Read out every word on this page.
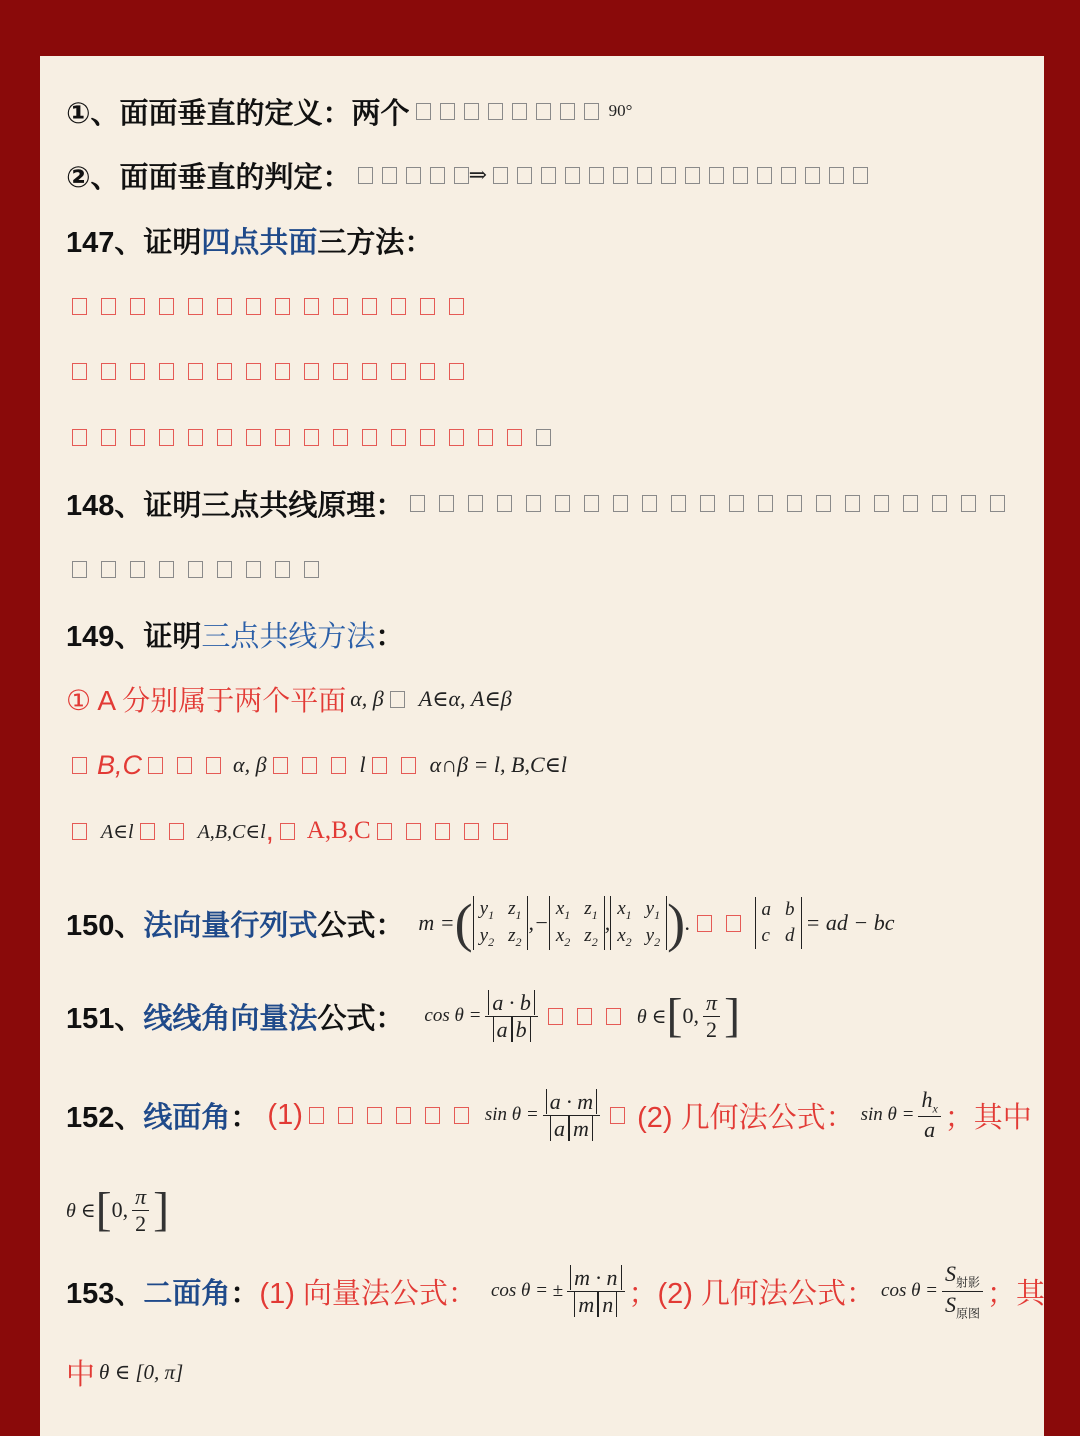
①、面面垂直的定义：两个	90°
②、面面垂直的判定：	⇒
147、证明 四点共面 三方法：
148、证明三点共线原理：
149、证明 三点共线方法 ：
① A 分别属于两个平面 α, β A∈α, A∈β
B,C	α, β	l	α∩β = l, B,C∈l
A∈l	A,B,C∈l , A,B,C
150、 法向量行列式 公式： m = ( $y_1$ $z_1$
$y_2$ $z_2$
,−
$x_1$ $z_1$
$x_2$ $z_2$
,
$x_1$ $y_1$
$x_2$ $y_2$ ) .
a b
c d
= ad − bc
151、 线线角向量法 公式： $\cos \theta = \frac{a \cdot b}{\text{a b}}$	θ ∈ [ 0, $\frac{\pi}{2}$ ]
152、 线面角 ： (1)	$\sin \theta = \frac{a \cdot m}{\text{a m}} (2)$ 几何法公式： $\sin \theta = \frac{h_x}{a}$ ；其中
θ ∈ [ 0, $\frac{\pi}{2}$ ]
153、 二面角 ： (1) 向量法公式： cos θ = ± $\frac{m \cdot n}{\text{m n}}$ ；(2) 几何法公式： $\cos \theta = \frac{S_{射影}}{S_{原图}}$ ；其
中 θ ∈ [0, π]
